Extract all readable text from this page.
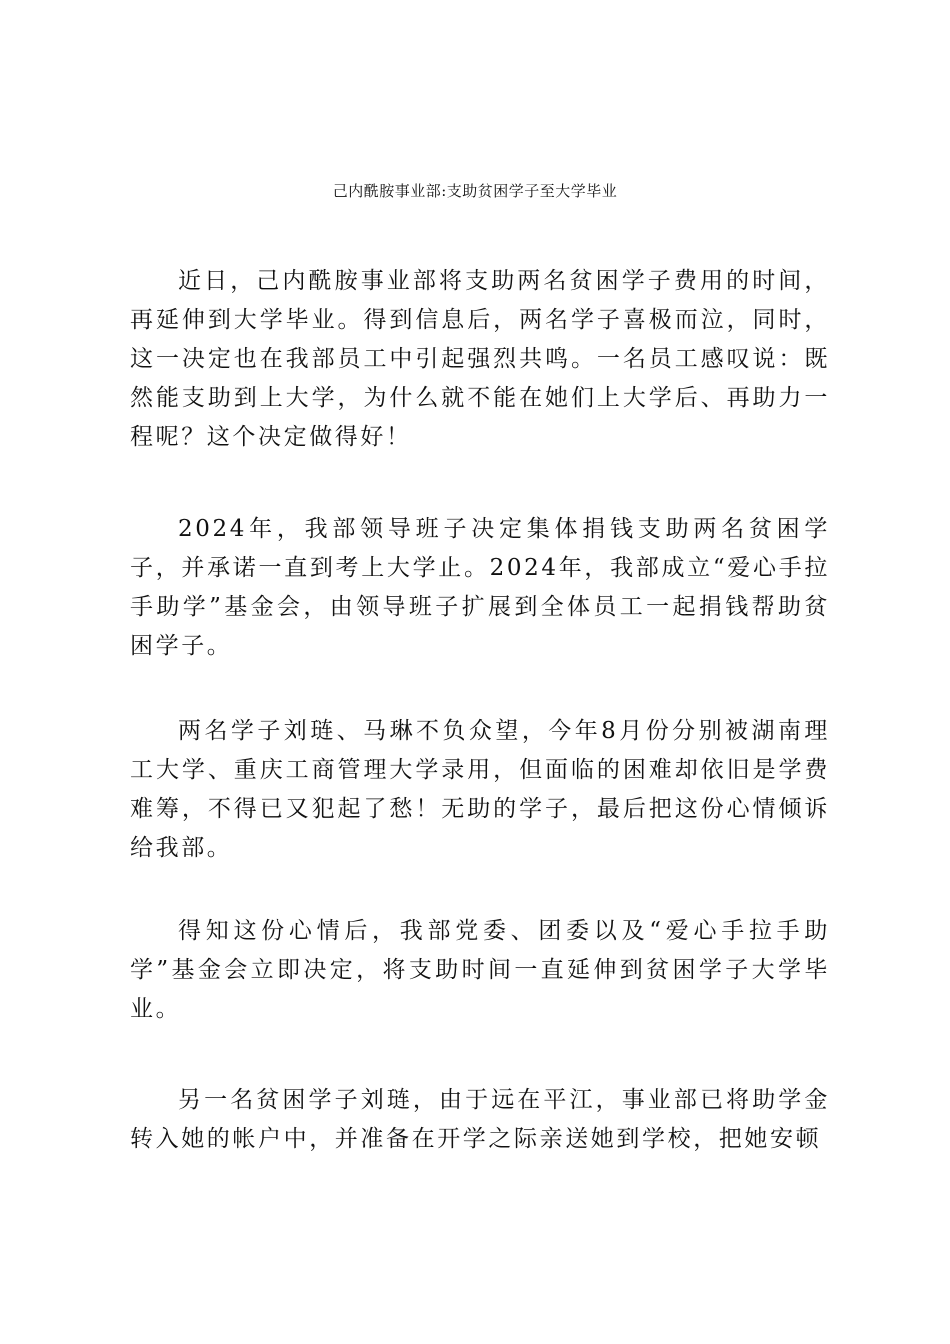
己内酰胺事业部:支助贫困学子至大学毕业

近日，己内酰胺事业部将支助两名贫困学子费用的时间，再延伸到大学毕业。得到信息后，两名学子喜极而泣，同时，这一决定也在我部员工中引起强烈共鸣。一名员工感叹说：既然能支助到上大学，为什么就不能在她们上大学后、再助力一程呢？这个决定做得好！

2024年，我部领导班子决定集体捐钱支助两名贫困学子，并承诺一直到考上大学止。2024年，我部成立“爱心手拉手助学”基金会，由领导班子扩展到全体员工一起捐钱帮助贫困学子。

两名学子刘琏、马琳不负众望，今年8月份分别被湖南理工大学、重庆工商管理大学录用，但面临的困难却依旧是学费难筹，不得已又犯起了愁！无助的学子，最后把这份心情倾诉给我部。

得知这份心情后，我部党委、团委以及“爱心手拉手助学”基金会立即决定，将支助时间一直延伸到贫困学子大学毕业。

另一名贫困学子刘琏，由于远在平江，事业部已将助学金转入她的帐户中，并准备在开学之际亲送她到学校，把她安顿
